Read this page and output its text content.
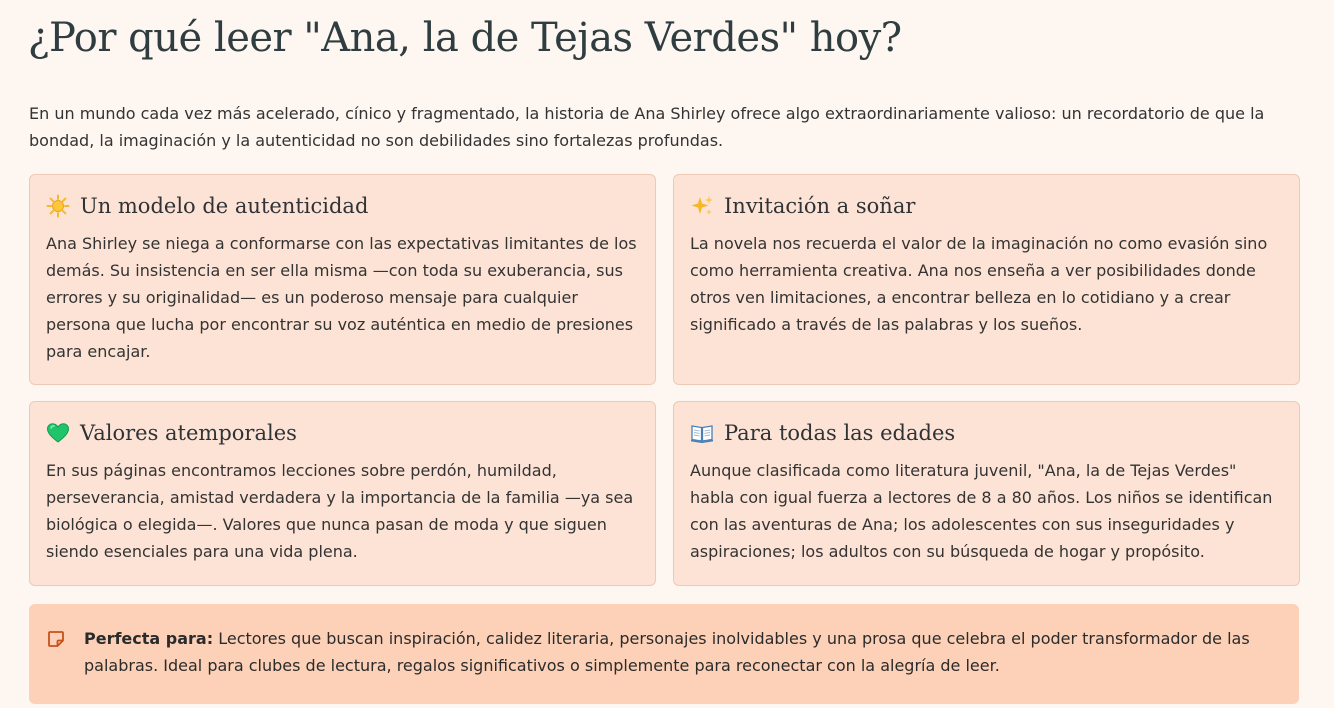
¿Por qué leer "Ana, la de Tejas Verdes" hoy?

En un mundo cada vez más acelerado, cínico y fragmentado, la historia de Ana Shirley ofrece algo extraordinariamente valioso: un recordatorio de que la bondad, la imaginación y la autenticidad no son debilidades sino fortalezas profundas.

Un modelo de autenticidad

Ana Shirley se niega a conformarse con las expectativas limitantes de los demás. Su insistencia en ser ella misma —con toda su exuberancia, sus errores y su originalidad— es un poderoso mensaje para cualquier persona que lucha por encontrar su voz auténtica en medio de presiones para encajar.

Invitación a soñar

La novela nos recuerda el valor de la imaginación no como evasión sino como herramienta creativa. Ana nos enseña a ver posibilidades donde otros ven limitaciones, a encontrar belleza en lo cotidiano y a crear significado a través de las palabras y los sueños.

Valores atemporales

En sus páginas encontramos lecciones sobre perdón, humildad, perseverancia, amistad verdadera y la importancia de la familia —ya sea biológica o elegida—. Valores que nunca pasan de moda y que siguen siendo esenciales para una vida plena.

Para todas las edades

Aunque clasificada como literatura juvenil, "Ana, la de Tejas Verdes" habla con igual fuerza a lectores de 8 a 80 años. Los niños se identifican con las aventuras de Ana; los adolescentes con sus inseguridades y aspiraciones; los adultos con su búsqueda de hogar y propósito.

Perfecta para: Lectores que buscan inspiración, calidez literaria, personajes inolvidables y una prosa que celebra el poder transformador de las palabras. Ideal para clubes de lectura, regalos significativos o simplemente para reconectar con la alegría de leer.
